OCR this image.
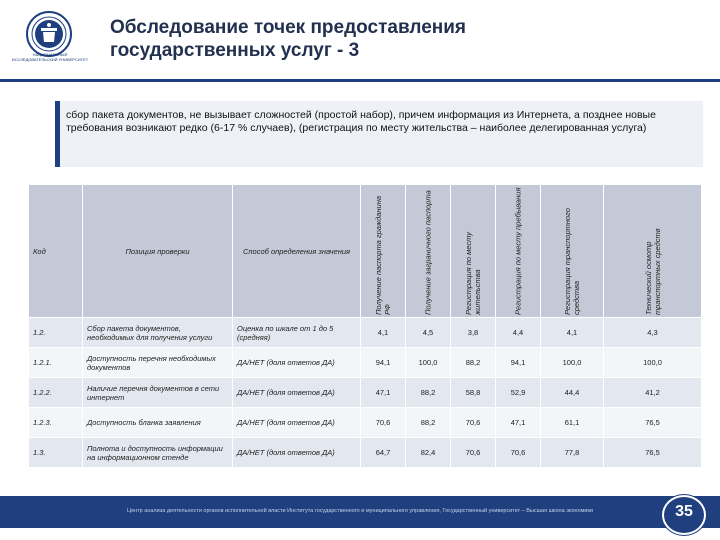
НАЦИОНАЛЬНЫЙ ИССЛЕДОВАТЕЛЬСКИЙ УНИВЕРСИТЕТ
Обследование точек предоставления
государственных услуг - 3
сбор пакета документов, не вызывает сложностей (простой набор), причем информация из Интернета, а позднее новые требования возникают редко (6-17 % случаев), (регистрация по месту жительства – наиболее делегированная услуга)
Код	Позиция проверки	Способ определения значения	Получение паспорта гражданина РФ	Получение заграничного паспорта	Регистрация по месту жительства	Регистрация по месту пребывания	Регистрация транспортного средства	Технический осмотр транспортных средств

1.2.	Сбор пакета документов, необходимых для получения услуги	Оценка по шкале от 1 до 5 (средняя)	4,1	4,5	3,8	4,4	4,1	4,3
1.2.1.	Доступность перечня необходимых документов	ДА/НЕТ (доля ответов ДА)	94,1	100,0	88,2	94,1	100,0	100,0
1.2.2.	Наличие перечня документов в сети интернет	ДА/НЕТ (доля ответов ДА)	47,1	88,2	58,8	52,9	44,4	41,2
1.2.3.	Доступность бланка заявления	ДА/НЕТ (доля ответов ДА)	70,6	88,2	70,6	47,1	61,1	76,5
1.3.	Полнота и доступность информации на информационном стенде	ДА/НЕТ (доля ответов ДА)	64,7	82,4	70,6	70,6	77,8	76,5
Центр анализа деятельности органов исполнительной власти Института государственного и муниципального управления, Государственный университет – Высшая школа экономики	35
